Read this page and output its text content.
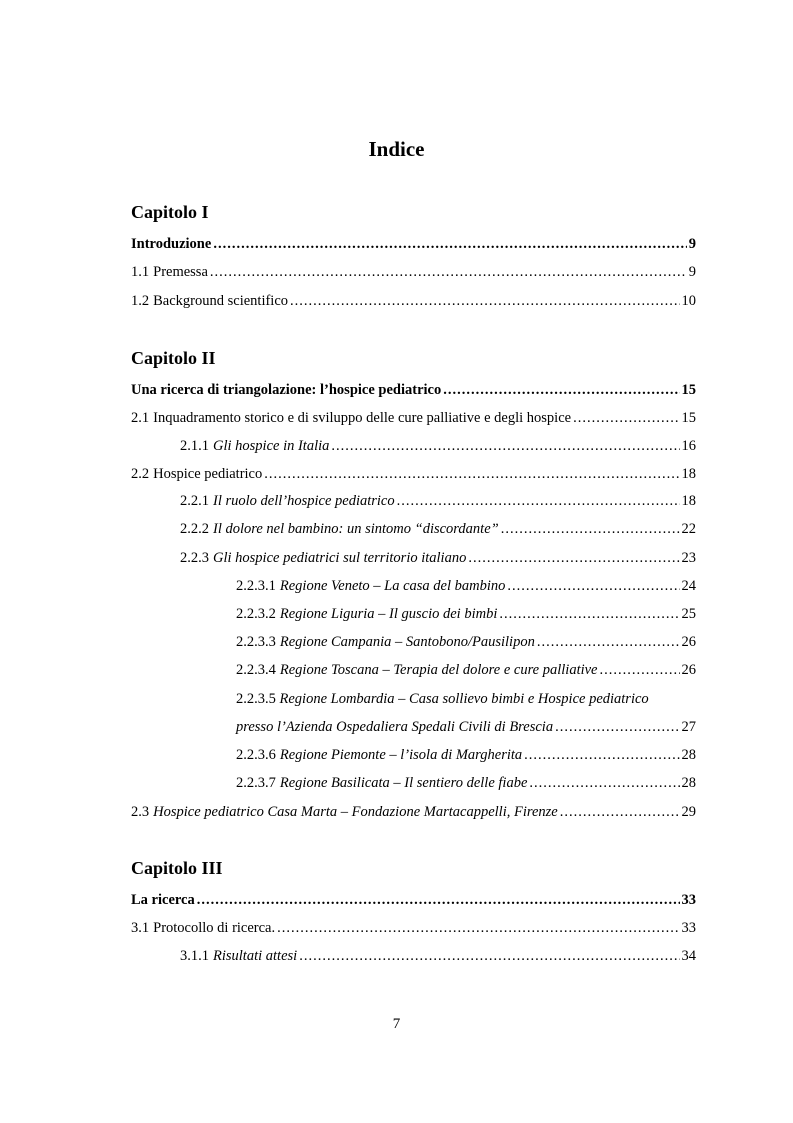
Indice
Capitolo I
Introduzione .....	9
1.1 Premessa .....	9
1.2 Background scientifico .....	10
Capitolo II
Una ricerca di triangolazione: l’hospice pediatrico .....	15
2.1 Inquadramento storico e di sviluppo delle cure palliative e degli hospice .....	15
2.1.1 Gli hospice in Italia .....	16
2.2 Hospice pediatrico .....	18
2.2.1 Il ruolo dell’hospice pediatrico .....	18
2.2.2 Il dolore nel bambino: un sintomo “discordante” .....	22
2.2.3 Gli hospice pediatrici sul territorio italiano .....	23
2.2.3.1 Regione Veneto – La casa del bambino .....	24
2.2.3.2 Regione Liguria – Il guscio dei bimbi .....	25
2.2.3.3 Regione Campania – Santobono/Pausilipon .....	26
2.2.3.4 Regione Toscana – Terapia del dolore e cure palliative .....	26
2.2.3.5 Regione Lombardia – Casa sollievo bimbi e Hospice pediatrico
presso l’Azienda Ospedaliera Spedali Civili di Brescia .....	27
2.2.3.6 Regione Piemonte – l’isola di Margherita .....	28
2.2.3.7 Regione Basilicata – Il sentiero delle fiabe .....	28
2.3 Hospice pediatrico Casa Marta – Fondazione Martacappelli, Firenze .....	29
Capitolo III
La ricerca .....	33
3.1 Protocollo di ricerca. .....	33
3.1.1 Risultati attesi .....	34
7
